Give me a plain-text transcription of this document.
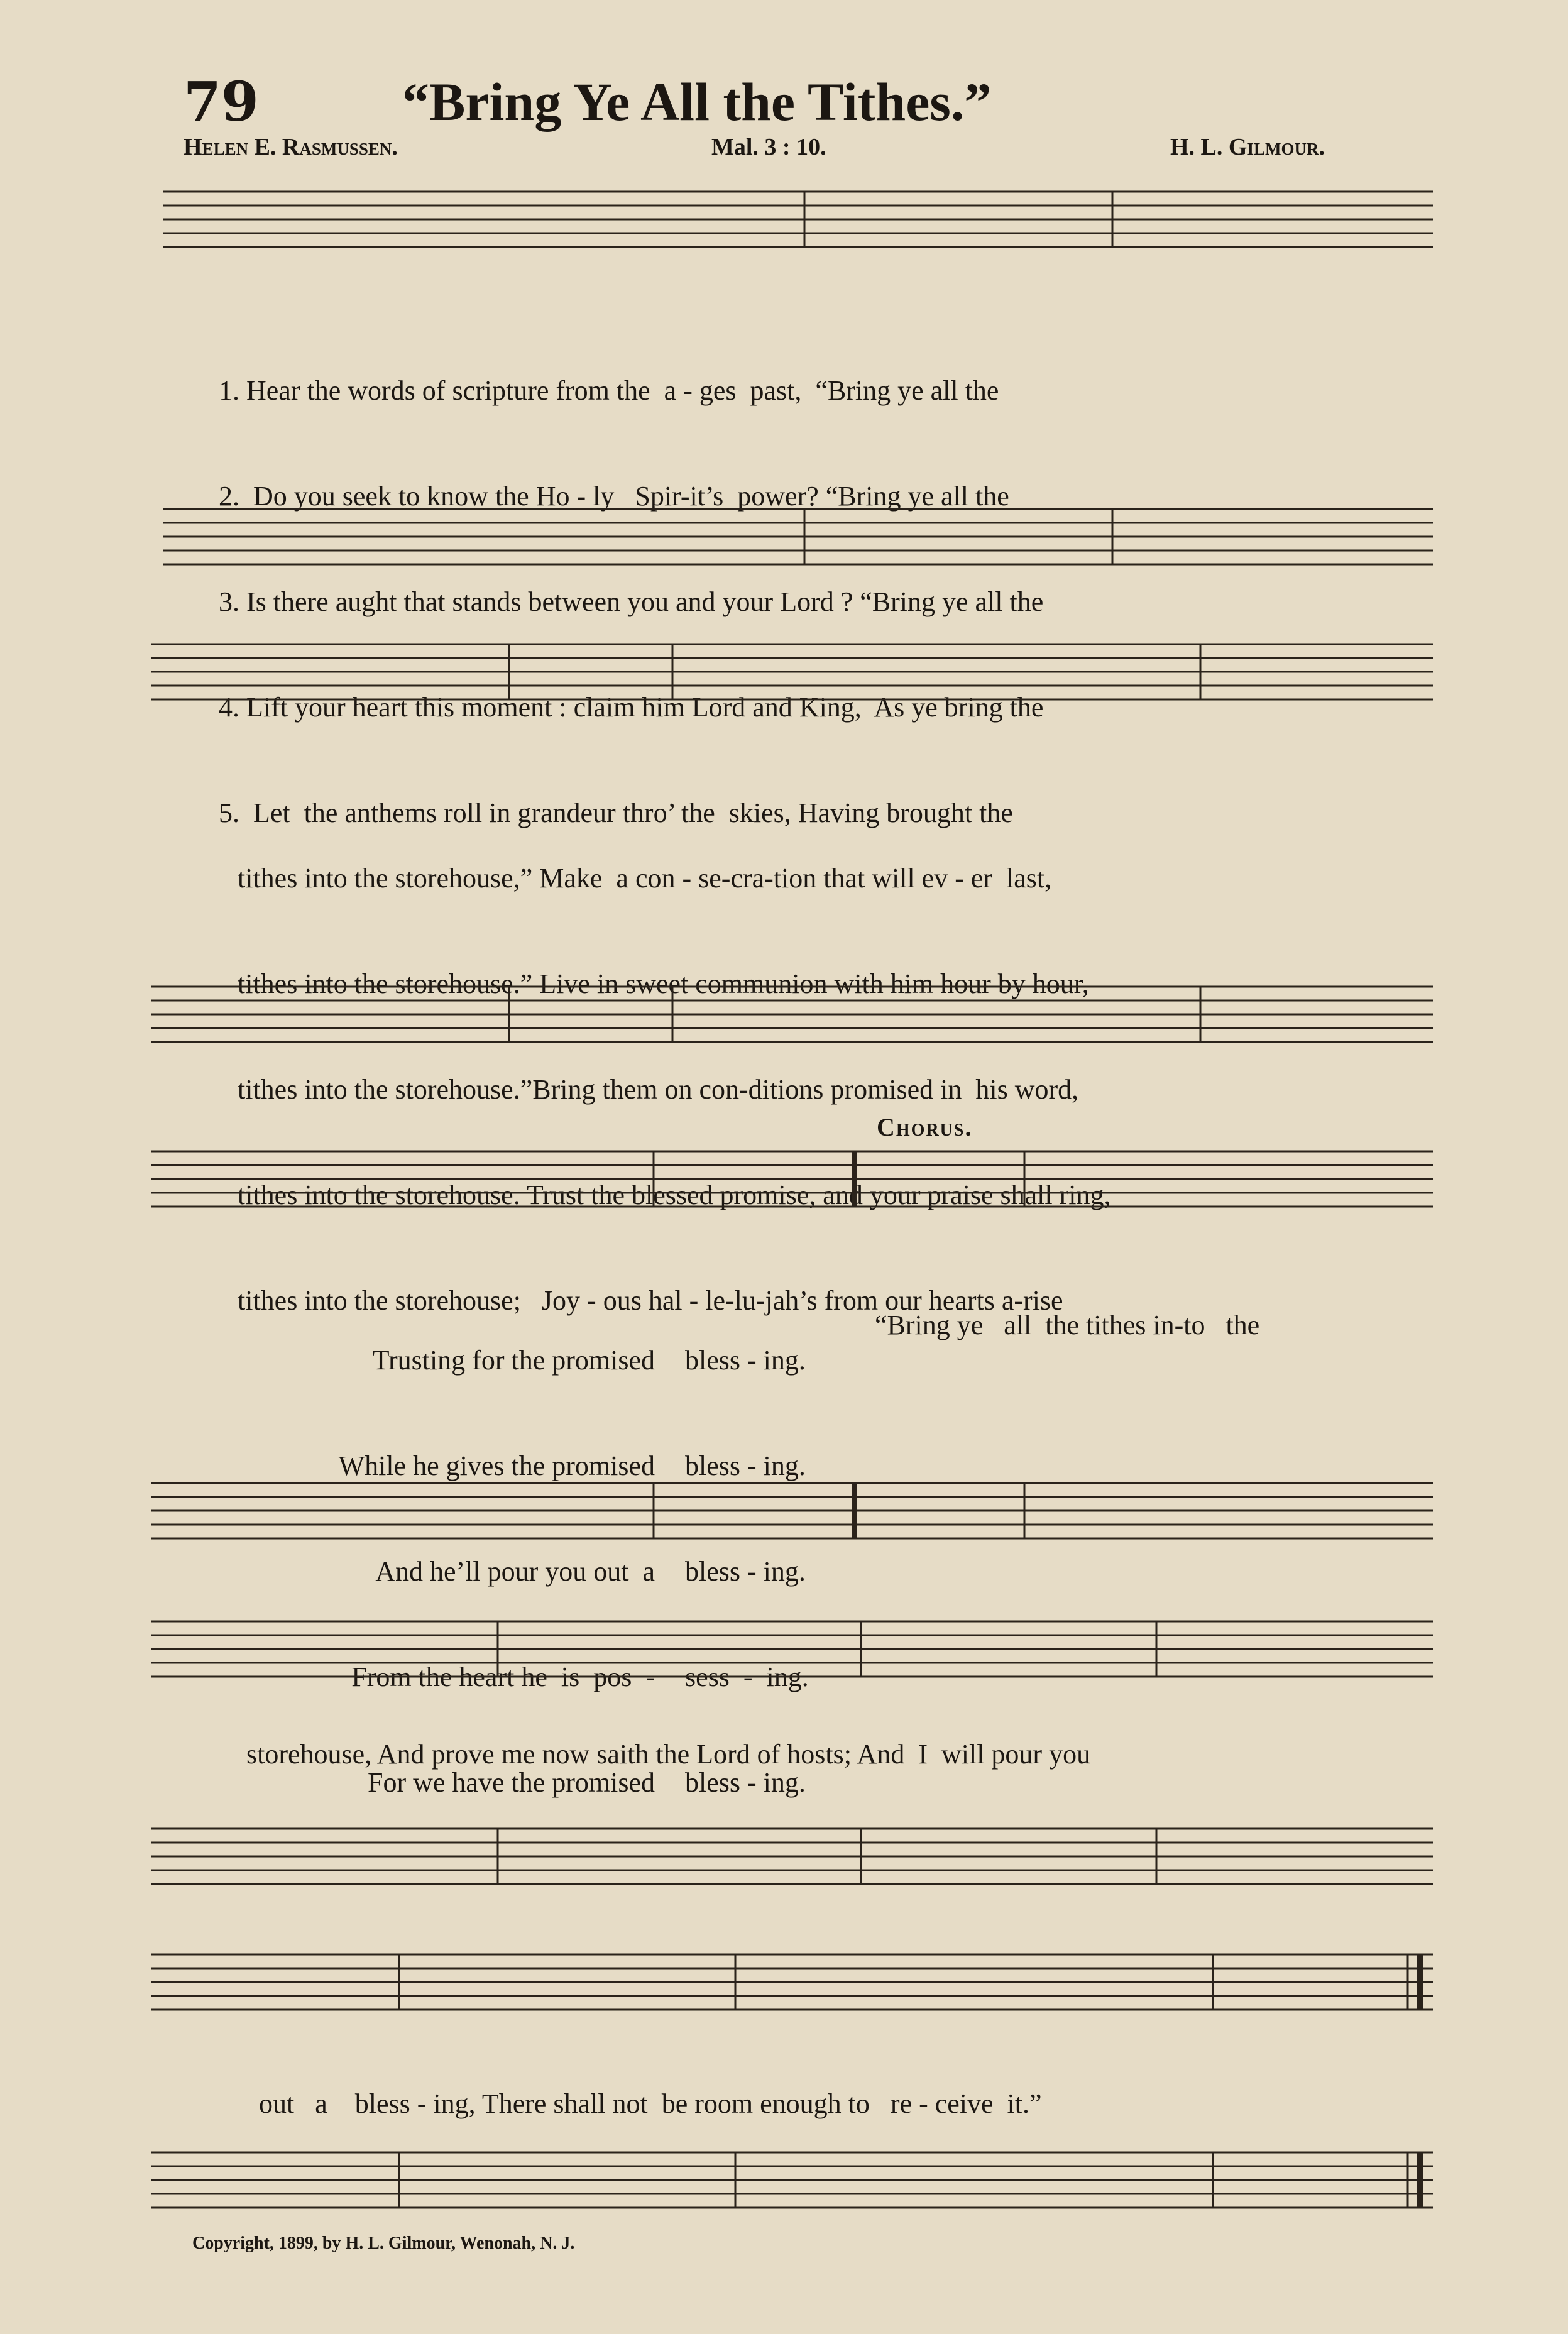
79	“Bring Ye All the Tithes.”
Helen E. Rasmussen.	Mal. 3 : 10.	H. L. Gilmour.

1. Hear the words of scripture from the  a - ges  past,  “Bring ye all the

2.  Do you seek to know the Ho - ly   Spir-it’s  power? “Bring ye all the

3. Is there aught that stands between you and your Lord ? “Bring ye all the

4. Lift your heart this moment : claim him Lord and King,  As ye bring the

5.  Let  the anthems roll in grandeur thro’ the  skies, Having brought the

tithes into the storehouse,” Make  a con - se-cra-tion that will ev - er  last,

tithes into the storehouse.” Live in sweet communion with him hour by hour,

tithes into the storehouse.”Bring them on con-ditions promised in  his word,

tithes into the storehouse. Trust the blessed promise, and your praise shall ring,

tithes into the storehouse;   Joy - ous hal - le-lu-jah’s from our hearts a-rise

Chorus.

Trusting for the promised

While he gives the promised

And he’ll pour you out  a

From the heart he  is  pos  -

For we have the promised

bless - ing.

bless - ing.

bless - ing.

sess  -  ing.

bless - ing.

“Bring ye   all  the tithes in-to   the
storehouse, And prove me now saith the Lord of hosts; And  I  will pour you
out   a    bless - ing, There shall not  be room enough to   re - ceive  it.”
Copyright, 1899, by H. L. Gilmour, Wenonah, N. J.
